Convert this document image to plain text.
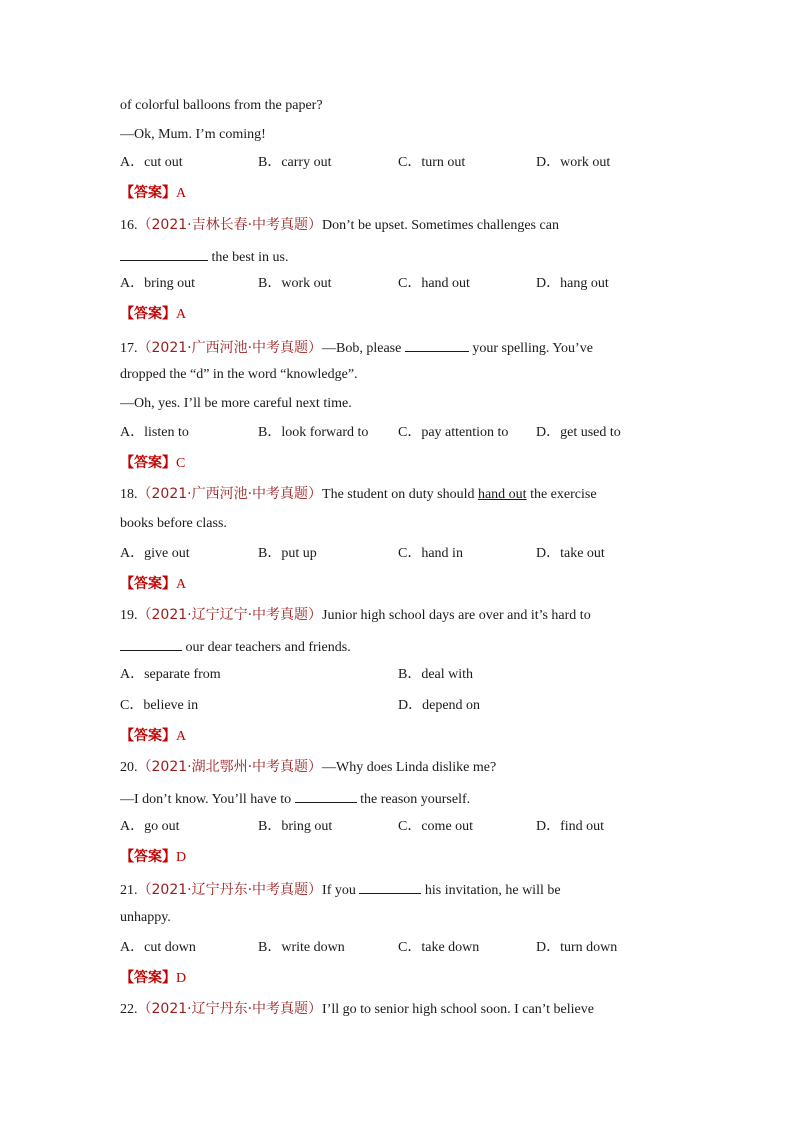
of colorful balloons from the paper?
—Ok, Mum. I’m coming!
A．cut out	B．carry out	C．turn out	D．work out
【答案】A
16.（2021·吉林长春·中考真题）Don’t be upset. Sometimes challenges can
the best in us.
A．bring out	B．work out	C．hand out	D．hang out
【答案】A
17.（2021·广西河池·中考真题）—Bob, please	your spelling. You’ve
dropped the “d” in the word “knowledge”.
—Oh, yes. I’ll be more careful next time.
A．listen to	B．look forward to C．pay attention to D．get used to
【答案】C
18.（2021·广西河池·中考真题）The student on duty should hand out the exercise
books before class.
A．give out	B．put up	C．hand in	D．take out
【答案】A
19.（2021·辽宁辽宁·中考真题）Junior high school days are over and it’s hard to
our dear teachers and friends.
A．separate from	B．deal with
C．believe in	D．depend on
【答案】A
20.（2021·湖北鄂州·中考真题）—Why does Linda dislike me?
—I don’t know. You’ll have to	the reason yourself.
A．go out	B．bring out	C．come out	D．find out
【答案】D
21.（2021·辽宁丹东·中考真题）If you	his invitation, he will be
unhappy.
A．cut down	B．write down	C．take down	D．turn down
【答案】D
22.（2021·辽宁丹东·中考真题）I’ll go to senior high school soon. I can’t believe
